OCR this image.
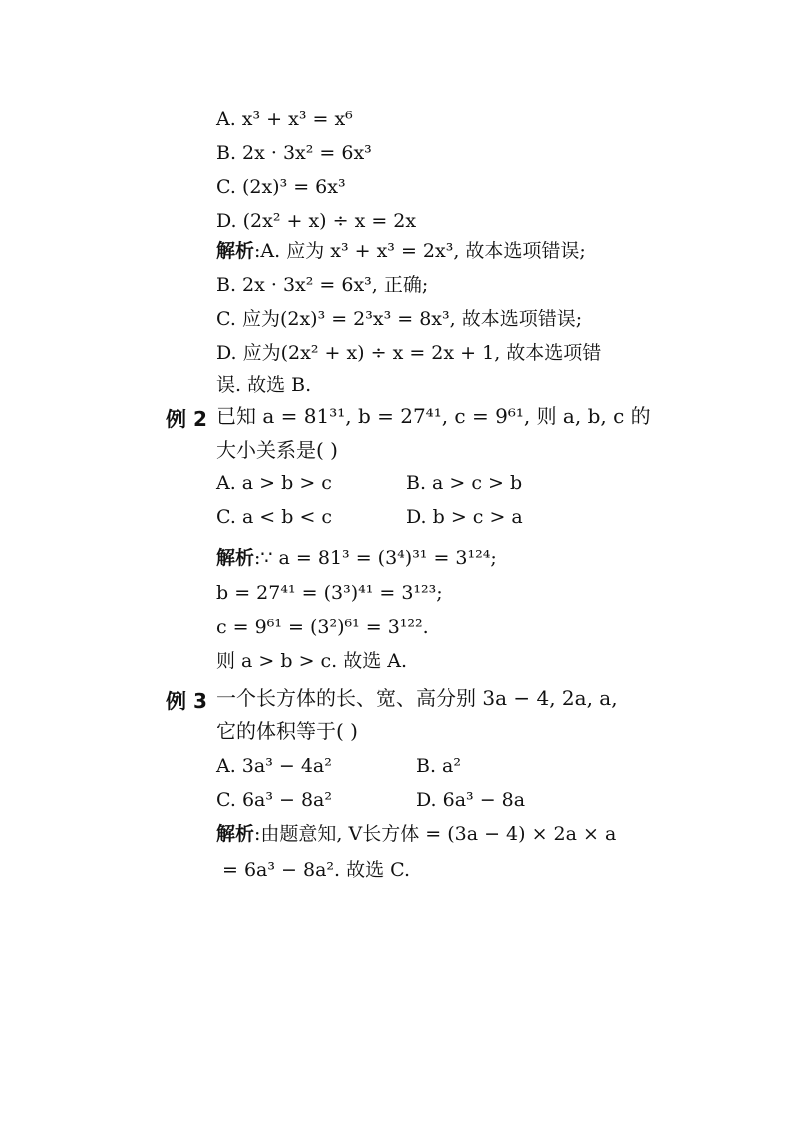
A. x³ + x³ = x⁶
B. 2x · 3x² = 6x³
C. (2x)³ = 6x³
D. (2x² + x) ÷ x = 2x
解析:A. 应为 x³ + x³ = 2x³, 故本选项错误;
B. 2x · 3x² = 6x³, 正确;
C. 应为(2x)³ = 2³x³ = 8x³, 故本选项错误;
D. 应为(2x² + x) ÷ x = 2x + 1, 故本选项错
误. 故选 B.
例 2 已知 a = 81³¹, b = 27⁴¹, c = 9⁶¹, 则 a, b, c 的
大小关系是( )
A. a > b > c	B. a > c > b
C. a < b < c	D. b > c > a
解析:∵ a = 81³ = (3⁴)³¹ = 3¹²⁴;
b = 27⁴¹ = (3³)⁴¹ = 3¹²³;
c = 9⁶¹ = (3²)⁶¹ = 3¹²².
则 a > b > c. 故选 A.
例 3 一个长方体的长、宽、高分别 3a − 4, 2a, a,
它的体积等于( )
A. 3a³ − 4a²	B. a²
C. 6a³ − 8a²	D. 6a³ − 8a
解析:由题意知, V长方体 = (3a − 4) × 2a × a
= 6a³ − 8a². 故选 C.
